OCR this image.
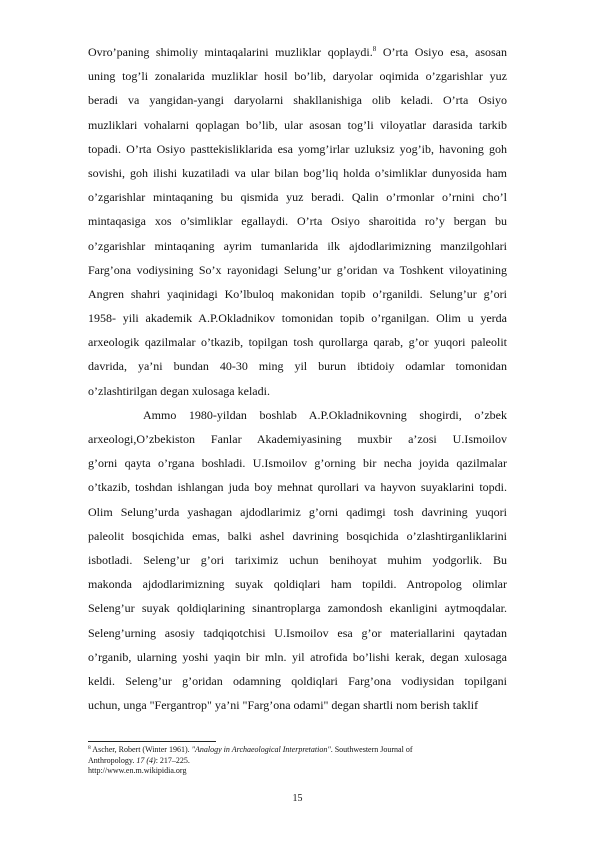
Ovro’paning shimoliy mintaqalarini muzliklar qoplaydi.$^8$ O’rta Osiyo esa, asosan
uning tog’li zonalarida muzliklar hosil bo’lib, daryolar oqimida o’zgarishlar yuz
beradi va yangidan-yangi daryolarni shakllanishiga olib keladi. O’rta Osiyo
muzliklari vohalarni qoplagan bo’lib, ular asosan tog’li viloyatlar darasida tarkib
topadi. O’rta Osiyo pasttekisliklarida esa yomg’irlar uzluksiz yog’ib, havoning goh
sovishi, goh ilishi kuzatiladi va ular bilan bog’liq holda o’simliklar dunyosida ham
o’zgarishlar mintaqaning bu qismida yuz beradi. Qalin o’rmonlar o’rnini cho’l
mintaqasiga xos o’simliklar egallaydi. O’rta Osiyo sharoitida ro’y bergan bu
o’zgarishlar mintaqaning ayrim tumanlarida ilk ajdodlarimizning manzilgohlari
Farg’ona vodiysining So’x rayonidagi Selung’ur g’oridan va Toshkent viloyatining
Angren shahri yaqinidagi Ko’lbuloq makonidan topib o’rganildi. Selung’ur g’ori
1958- yili akademik A.P.Okladnikov tomonidan topib o’rganilgan. Olim u yerda
arxeologik qazilmalar o’tkazib, topilgan tosh qurollarga qarab, g’or yuqori paleolit
davrida, ya’ni bundan 40-30 ming yil burun ibtidoiy odamlar tomonidan
o’zlashtirilgan degan xulosaga keladi.
Ammo 1980-yildan boshlab A.P.Okladnikovning shogirdi, o’zbek
arxeologi,O’zbekiston Fanlar Akademiyasining muxbir a’zosi U.Ismoilov
g’orni qayta o’rgana boshladi. U.Ismoilov g’orning bir necha joyida qazilmalar
o’tkazib, toshdan ishlangan juda boy mehnat qurollari va hayvon suyaklarini topdi.
Olim Selung’urda yashagan ajdodlarimiz g’orni qadimgi tosh davrining yuqori
paleolit bosqichida emas, balki ashel davrining bosqichida o’zlashtirganliklarini
isbotladi. Seleng’ur g’ori tariximiz uchun benihoyat muhim yodgorlik. Bu
makonda ajdodlarimizning suyak qoldiqlari ham topildi. Antropolog olimlar
Seleng’ur suyak qoldiqlarining sinantroplarga zamondosh ekanligini aytmoqdalar.
Seleng’urning asosiy tadqiqotchisi U.Ismoilov esa g’or materiallarini qaytadan
o’rganib, ularning yoshi yaqin bir mln. yil atrofida bo’lishi kerak, degan xulosaga
keldi. Seleng’ur g’oridan odamning qoldiqlari Farg’ona vodiysidan topilgani
uchun, unga "Fergantrop" ya’ni "Farg’ona odami" degan shartli nom berish taklif
$^8$ Ascher, Robert (Winter 1961). "Analogy in Archaeological Interpretation". Southwestern Journal of
Anthropology. 17 (4): 217–225.
http://www.en.m.wikipidia.org
15
